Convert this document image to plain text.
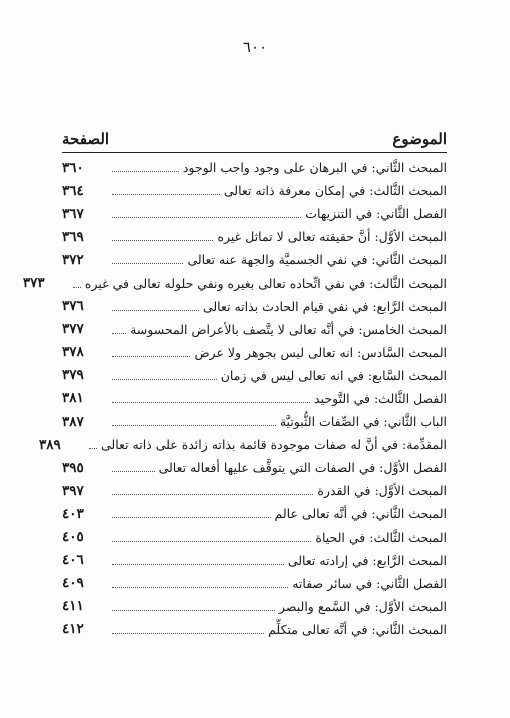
٦٠٠
الموضوع
الصفحة
المبحث الثَّاني: في البرهان على وجود واجب الوجود
٣٦٠
المبحث الثَّالث: في إمكان معرفة ذاته تعالى
٣٦٤
الفصل الثَّاني: في التنزيهات
٣٦٧
المبحث الأوَّل: أنَّ حقيقته تعالى لا تماثل غيره
٣٦٩
المبحث الثَّاني: في نفي الجسميَّة والجهة عنه تعالى
٣٧٢
المبحث الثَّالث: في نفي اتِّحاده تعالى بغيره ونفي حلوله تعالى في غيره
٣٧٣
المبحث الرَّابع: في نفي قيام الحادث بذاته تعالى
٣٧٦
المبحث الخامس: في أنَّه تعالى لا يتَّصف بالأعراض المحسوسة
٣٧٧
المبحث السَّادس: انه تعالى ليس بجوهر ولا عرض
٣٧٨
المبحث السَّابع: في انه تعالى ليس في زمان
٣٧٩
الفصل الثَّالث: في التَّوحيد
٣٨١
الباب الثَّاني: في الصِّفات الثُّبوتيَّة
٣٨٧
المقدِّمة: في أنَّ له صفات موجودة قائمة بذاته زائدة على ذاته تعالى
٣٨٩
الفصل الأوَّل: في الصفات التي يتوقَّف عليها أفعاله تعالى
٣٩٥
المبحث الأوَّل: في القدرة
٣٩٧
المبحث الثَّاني: في أنَّه تعالى عالم
٤٠٣
المبحث الثَّالث: في الحياة
٤٠٥
المبحث الرَّابع: في إرادته تعالى
٤٠٦
الفصل الثَّاني: في سائر صفاته
٤٠٩
المبحث الأوَّل: في السَّمع والبصر
٤١١
المبحث الثَّاني: في أنَّه تعالى متكلِّم
٤١٢
